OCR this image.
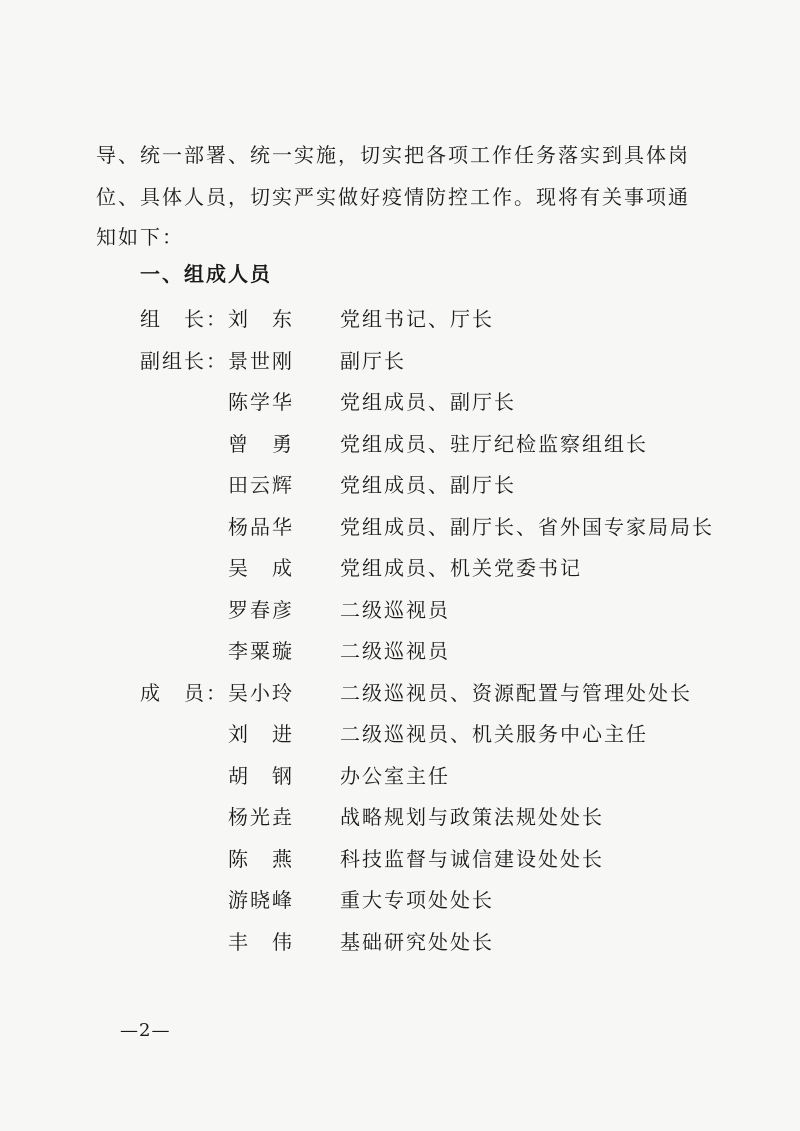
导、统一部署、统一实施，切实把各项工作任务落实到具体岗

位、具体人员，切实严实做好疫情防控工作。现将有关事项通

知如下：

一、组成人员
组　长： 刘　东 党组书记、厅长
副组长： 景世刚 副厅长
陈学华 党组成员、副厅长
曾　勇 党组成员、驻厅纪检监察组组长
田云辉 党组成员、副厅长
杨品华 党组成员、副厅长、省外国专家局局长
吴　成 党组成员、机关党委书记
罗春彦 二级巡视员
李粟璇 二级巡视员
成　员： 吴小玲 二级巡视员、资源配置与管理处处长
刘　进 二级巡视员、机关服务中心主任
胡　钢 办公室主任
杨光垚 战略规划与政策法规处处长
陈　燕 科技监督与诚信建设处处长
游晓峰 重大专项处处长
丰　伟 基础研究处处长
—2—
